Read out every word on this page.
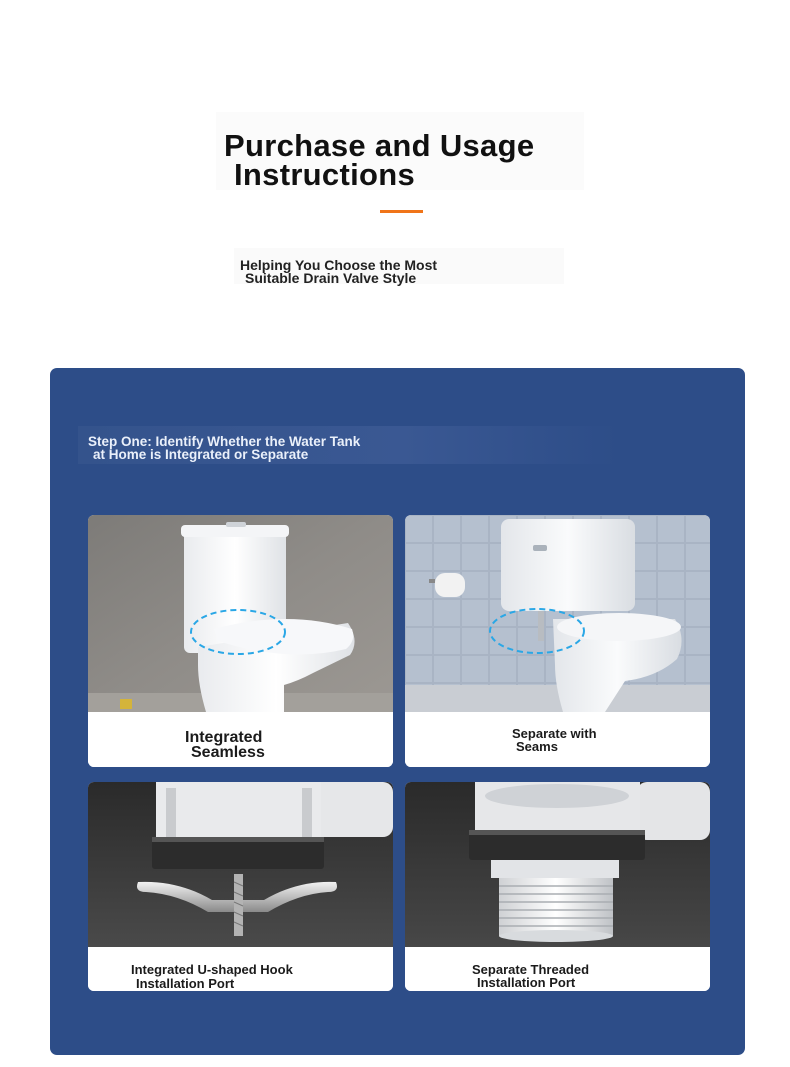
Purchase and Usage
Instructions
Helping You Choose the Most
Suitable Drain Valve Style
Step One: Identify Whether the Water Tank
at Home is Integrated or Separate
Integrated
Seamless
Separate with
Seams
Integrated U-shaped Hook
Installation Port
Separate Threaded
Installation Port
